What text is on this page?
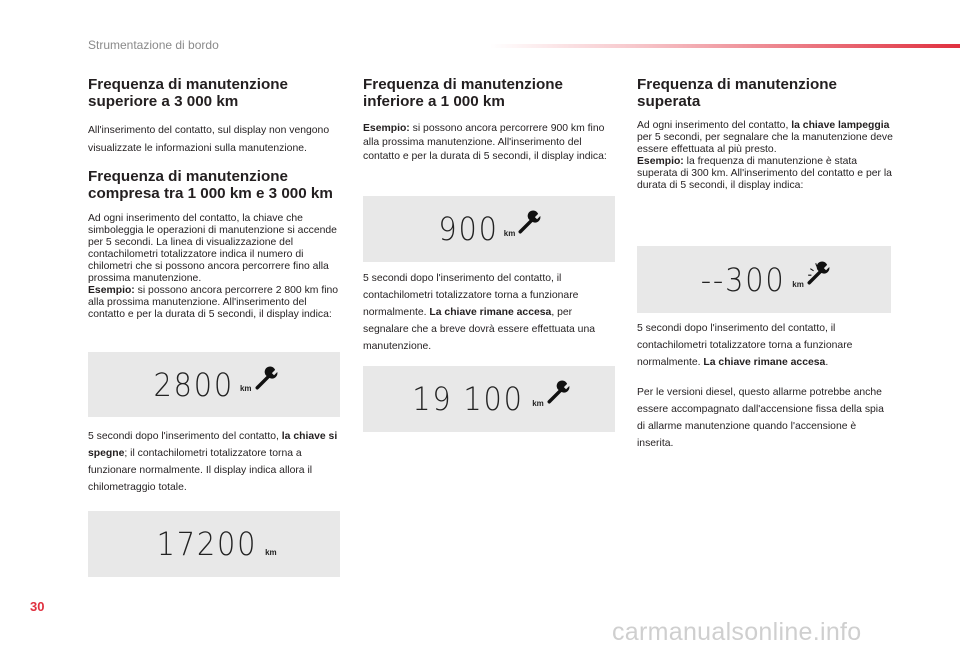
Strumentazione di bordo
Frequenza di manutenzione superiore a 3 000 km

All'inserimento del contatto, sul display non vengono visualizzate le informazioni sulla manutenzione.

Frequenza di manutenzione compresa tra 1 000 km e 3 000 km

Ad ogni inserimento del contatto, la chiave che simboleggia le operazioni di manutenzione si accende per 5 secondi. La linea di visualizzazione del contachilometri totalizzatore indica il numero di chilometri che si possono ancora percorrere fino alla prossima manutenzione.
Esempio: si possono ancora percorrere 2 800 km fino alla prossima manutenzione. All'inserimento del contatto e per la durata di 5 secondi, il display indica:

2800 km

5 secondi dopo l'inserimento del contatto, la chiave si spegne; il contachilometri totalizzatore torna a funzionare normalmente. Il display indica allora il chilometraggio totale.

17200 km
Frequenza di manutenzione inferiore a 1 000 km

Esempio: si possono ancora percorrere 900 km fino alla prossima manutenzione. All'inserimento del contatto e per la durata di 5 secondi, il display indica:

900 km

5 secondi dopo l'inserimento del contatto, il contachilometri totalizzatore torna a funzionare normalmente. La chiave rimane accesa, per segnalare che a breve dovrà essere effettuata una manutenzione.

19 100 km
Frequenza di manutenzione superata

Ad ogni inserimento del contatto, la chiave lampeggia per 5 secondi, per segnalare che la manutenzione deve essere effettuata al più presto.
Esempio: la frequenza di manutenzione è stata superata di 300 km. All'inserimento del contatto e per la durata di 5 secondi, il display indica:

--300 km

5 secondi dopo l'inserimento del contatto, il contachilometri totalizzatore torna a funzionare normalmente. La chiave rimane accesa.

Per le versioni diesel, questo allarme potrebbe anche essere accompagnato dall'accensione fissa della spia di allarme manutenzione quando l'accensione è inserita.

30
carmanualsonline.info
